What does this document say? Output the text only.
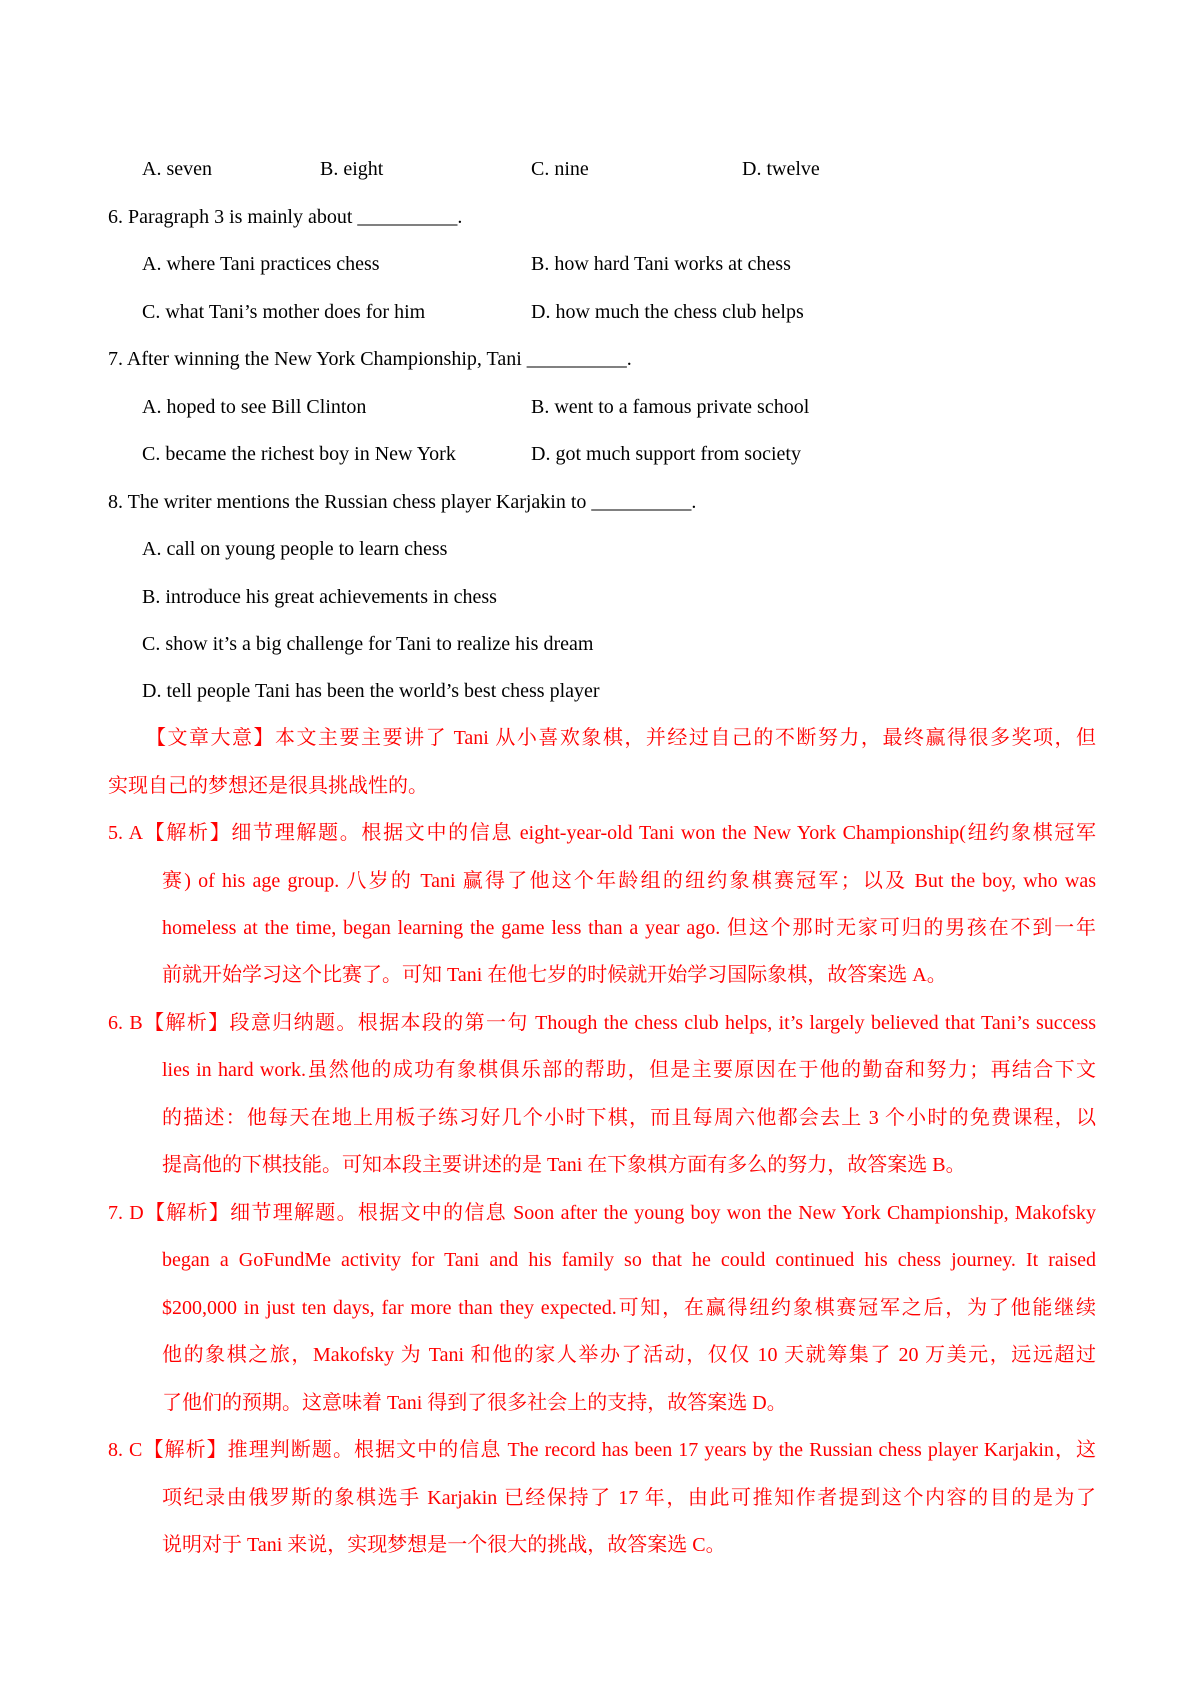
A. seven	B. eight	C. nine	D. twelve
6. Paragraph 3 is mainly about __________.
A. where Tani practices chess	B. how hard Tani works at chess
C. what Tani’s mother does for him	D. how much the chess club helps
7. After winning the New York Championship, Tani __________.
A. hoped to see Bill Clinton	B. went to a famous private school
C. became the richest boy in New York	D. got much support from society
8. The writer mentions the Russian chess player Karjakin to __________.
A. call on young people to learn chess
B. introduce his great achievements in chess
C. show it’s a big challenge for Tani to realize his dream
D. tell people Tani has been the world’s best chess player
【文章大意】本文主要主要讲了 Tani 从小喜欢象棋，并经过自己的不断努力，最终赢得很多奖项，但
实现自己的梦想还是很具挑战性的。
5. A【解析】细节理解题。根据文中的信息 eight-year-old Tani won the New York Championship(纽约象棋冠军
赛) of his age group. 八岁的 Tani 赢得了他这个年龄组的纽约象棋赛冠军；以及 But the boy, who was
homeless at the time, began learning the game less than a year ago. 但这个那时无家可归的男孩在不到一年
前就开始学习这个比赛了。可知 Tani 在他七岁的时候就开始学习国际象棋，故答案选 A。
6. B【解析】段意归纳题。根据本段的第一句 Though the chess club helps, it’s largely believed that Tani’s success
lies in hard work.虽然他的成功有象棋俱乐部的帮助，但是主要原因在于他的勤奋和努力；再结合下文
的描述：他每天在地上用板子练习好几个小时下棋，而且每周六他都会去上 3 个小时的免费课程，以
提高他的下棋技能。可知本段主要讲述的是 Tani 在下象棋方面有多么的努力，故答案选 B。
7. D【解析】细节理解题。根据文中的信息 Soon after the young boy won the New York Championship, Makofsky
began a GoFundMe activity for Tani and his family so that he could continued his chess journey. It raised
$200,000 in just ten days, far more than they expected.可知，在赢得纽约象棋赛冠军之后，为了他能继续
他的象棋之旅，Makofsky 为 Tani 和他的家人举办了活动，仅仅 10 天就筹集了 20 万美元，远远超过
了他们的预期。这意味着 Tani 得到了很多社会上的支持，故答案选 D。
8. C【解析】推理判断题。根据文中的信息 The record has been 17 years by the Russian chess player Karjakin，这
项纪录由俄罗斯的象棋选手 Karjakin 已经保持了 17 年，由此可推知作者提到这个内容的目的是为了
说明对于 Tani 来说，实现梦想是一个很大的挑战，故答案选 C。
